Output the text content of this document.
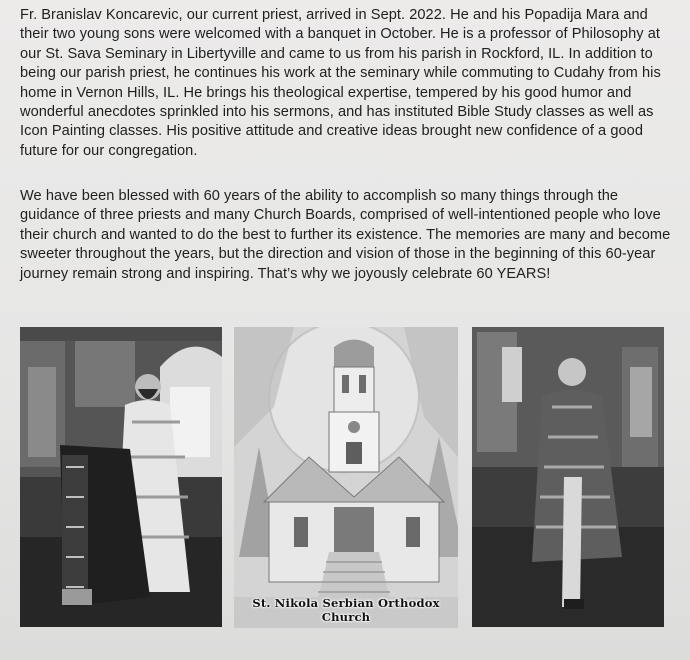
Fr. Branislav Koncarevic, our current priest, arrived in Sept. 2022. He and his Popadija Mara and their two young sons were welcomed with a banquet in October. He is a professor of Philosophy at our St. Sava Seminary in Libertyville and came to us from his parish in Rockford, IL. In addition to being our parish priest, he continues his work at the seminary while commuting to Cudahy from his home in Vernon Hills, IL. He brings his theological expertise, tempered by his good humor and wonderful anecdotes sprinkled into his sermons, and has instituted Bible Study classes as well as Icon Painting classes. His positive attitude and creative ideas brought new confidence of a good future for our congregation.

We have been blessed with 60 years of the ability to accomplish so many things through the guidance of three priests and many Church Boards, comprised of well-intentioned people who love their church and wanted to do the best to further its existence. The memories are many and become sweeter throughout the years, but the direction and vision of those in the beginning of this 60-year journey remain strong and inspiring. That’s why we joyously celebrate 60 YEARS!

St. Nikola Serbian Orthodox Church
